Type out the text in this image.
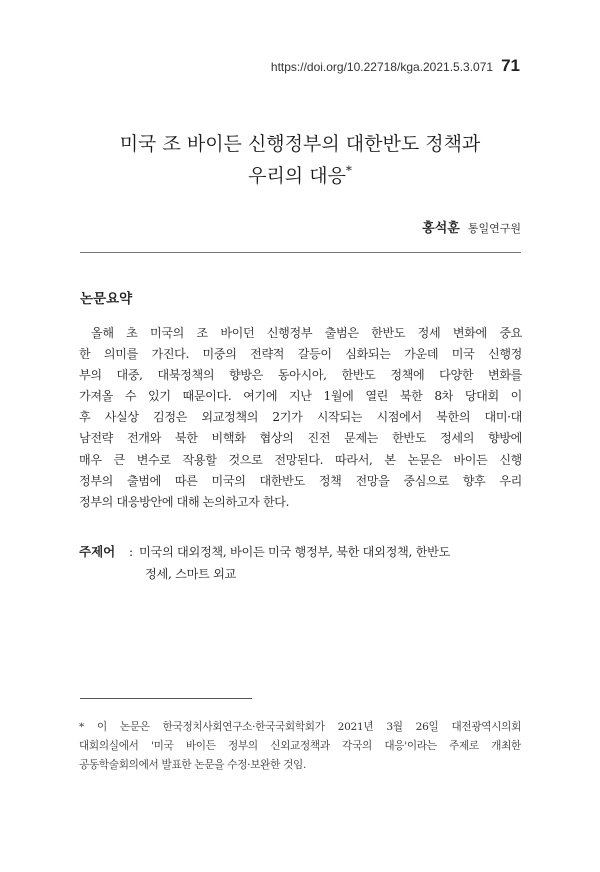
https://doi.org/10.22718/kga.2021.5.3.071 71
미국 조 바이든 신행정부의 대한반도 정책과
우리의 대응*
홍석훈 통일연구원
논문요약
올해 초 미국의 조 바이던 신행정부 출범은 한반도 정세 변화에 중요
한 의미를 가진다. 미중의 전략적 갈등이 심화되는 가운데 미국 신행정
부의 대중, 대북정책의 향방은 동아시아, 한반도 정책에 다양한 변화를
가져올 수 있기 때문이다. 여기에 지난 1월에 열린 북한 8차 당대회 이
후 사실상 김정은 외교정책의 2기가 시작되는 시점에서 북한의 대미·대
남전략 전개와 북한 비핵화 협상의 진전 문제는 한반도 정세의 향방에
매우 큰 변수로 작용할 것으로 전망된다. 따라서, 본 논문은 바이든 신행
정부의 출범에 따른 미국의 대한반도 정책 전망을 중심으로 향후 우리
정부의 대응방안에 대해 논의하고자 한다.
주제어 : 미국의 대외정책, 바이든 미국 행정부, 북한 대외정책, 한반도
정세, 스마트 외교
* 이 논문은 한국정치사회연구소·한국국회학회가 2021년 3월 26일 대전광역시의회
대회의실에서 '미국 바이든 정부의 신외교정책과 각국의 대응'이라는 주제로 개최한
공동학술회의에서 발표한 논문을 수정·보완한 것임.
